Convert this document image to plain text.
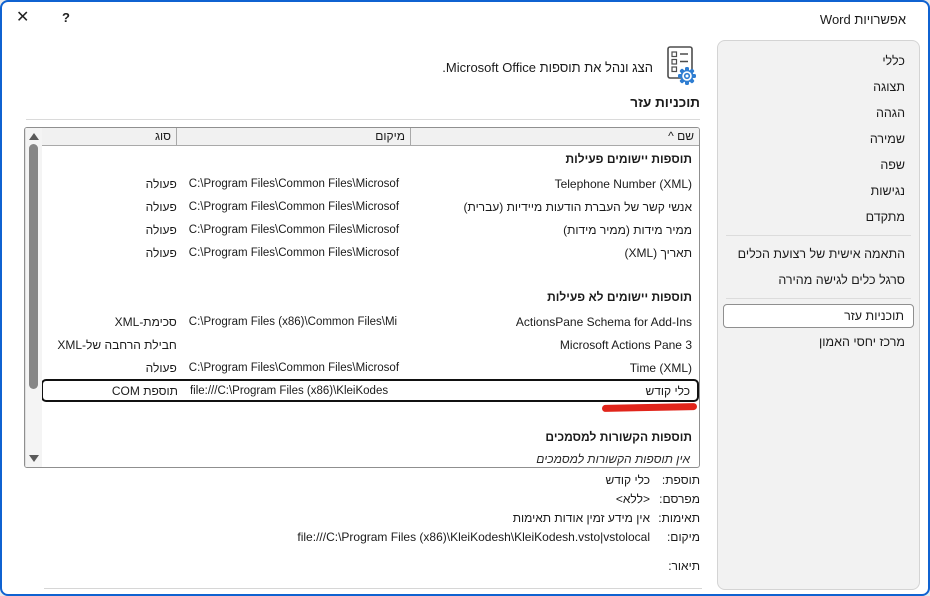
✕	?	אפשרויות Word
כללי
תצוגה
הגהה
שמירה
שפה
נגישות
מתקדם
התאמה אישית של רצועת הכלים
סרגל כלים לגישה מהירה
תוכניות עזר
מרכז יחסי האמון
הצג ונהל את תוספות Microsoft Office.
תוכניות עזר
שם ^
מיקום
סוג
תוספות יישומים פעילות
Telephone Number (XML)
C:\Program Files\Common Files\Microsof
פעולה
אנשי קשר של העברת הודעות מיידיות (עברית)
C:\Program Files\Common Files\Microsof
פעולה
ממיר מידות (ממיר מידות)
C:\Program Files\Common Files\Microsof
פעולה
תאריך (XML)
C:\Program Files\Common Files\Microsof
פעולה
תוספות יישומים לא פעילות
ActionsPane Schema for Add-Ins
C:\Program Files (x86)\Common Files\Mi
סכימת-XML
Microsoft Actions Pane 3
חבילת הרחבה של-XML
Time (XML)
C:\Program Files\Common Files\Microsof
פעולה
כלי קודש
file:///C:\Program Files (x86)\KleiKodes
תוספת COM
תוספות הקשורות למסמכים
אין תוספות הקשורות למסמכים
תוספת:
כלי קודש
מפרסם:
<ללא>
תאימות:
אין מידע זמין אודות תאימות
מיקום:
file:///C:\Program Files (x86)\KleiKodesh\KleiKodesh.vsto|vstolocal
תיאור:
